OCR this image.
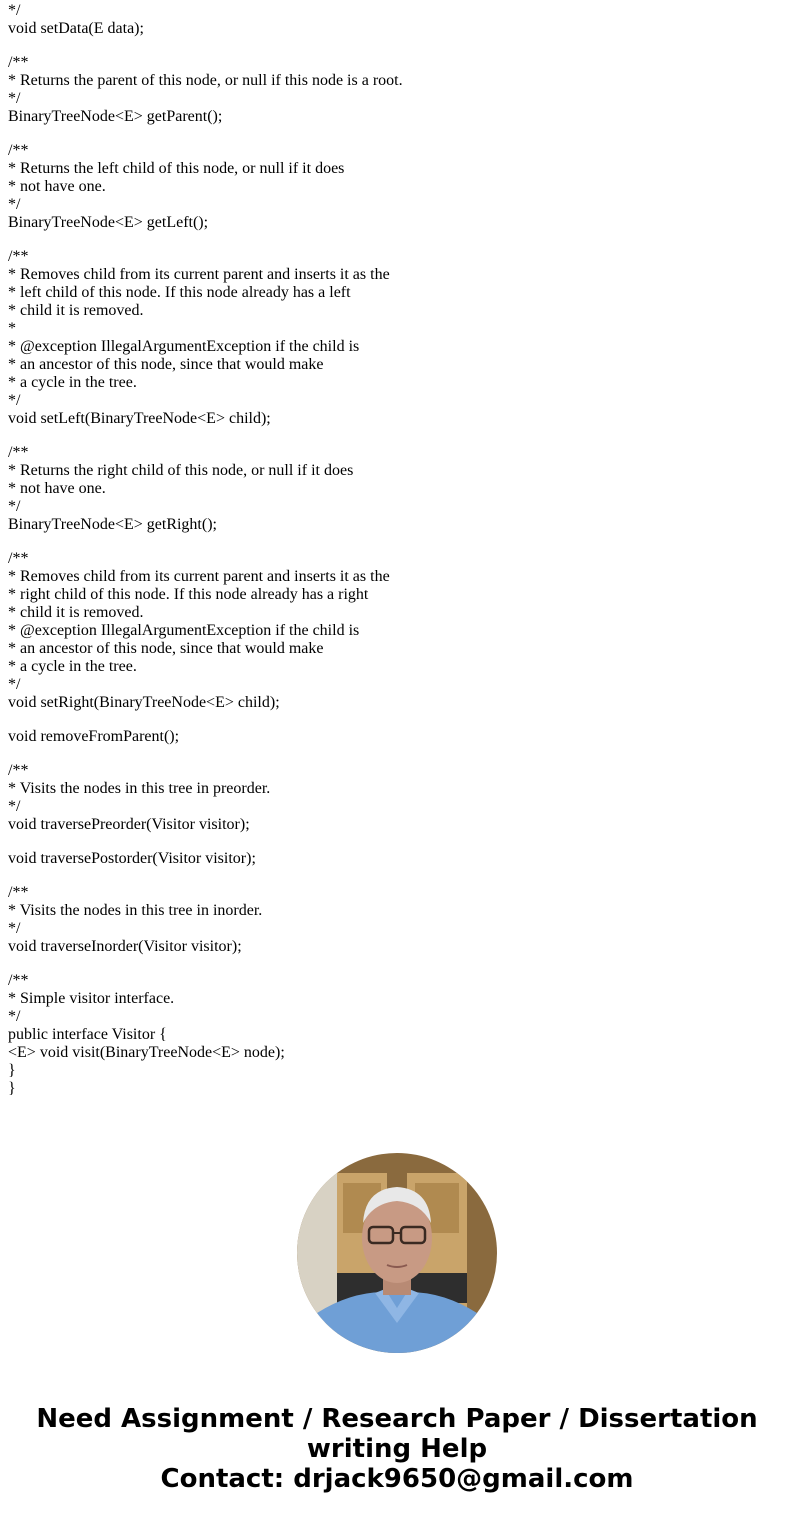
*/
void setData(E data);
/**
* Returns the parent of this node, or null if this node is a root.
*/
BinaryTreeNode<E> getParent();
/**
* Returns the left child of this node, or null if it does
* not have one.
*/
BinaryTreeNode<E> getLeft();
/**
* Removes child from its current parent and inserts it as the
* left child of this node. If this node already has a left
* child it is removed.
*
* @exception IllegalArgumentException if the child is
* an ancestor of this node, since that would make
* a cycle in the tree.
*/
void setLeft(BinaryTreeNode<E> child);
/**
* Returns the right child of this node, or null if it does
* not have one.
*/
BinaryTreeNode<E> getRight();
/**
* Removes child from its current parent and inserts it as the
* right child of this node. If this node already has a right
* child it is removed.
* @exception IllegalArgumentException if the child is
* an ancestor of this node, since that would make
* a cycle in the tree.
*/
void setRight(BinaryTreeNode<E> child);
void removeFromParent();
/**
* Visits the nodes in this tree in preorder.
*/
void traversePreorder(Visitor visitor);
void traversePostorder(Visitor visitor);
/**
* Visits the nodes in this tree in inorder.
*/
void traverseInorder(Visitor visitor);
/**
* Simple visitor interface.
*/
public interface Visitor {
<E> void visit(BinaryTreeNode<E> node);
}
}
Need Assignment / Research Paper / Dissertation
writing Help
Contact: drjack9650@gmail.com
